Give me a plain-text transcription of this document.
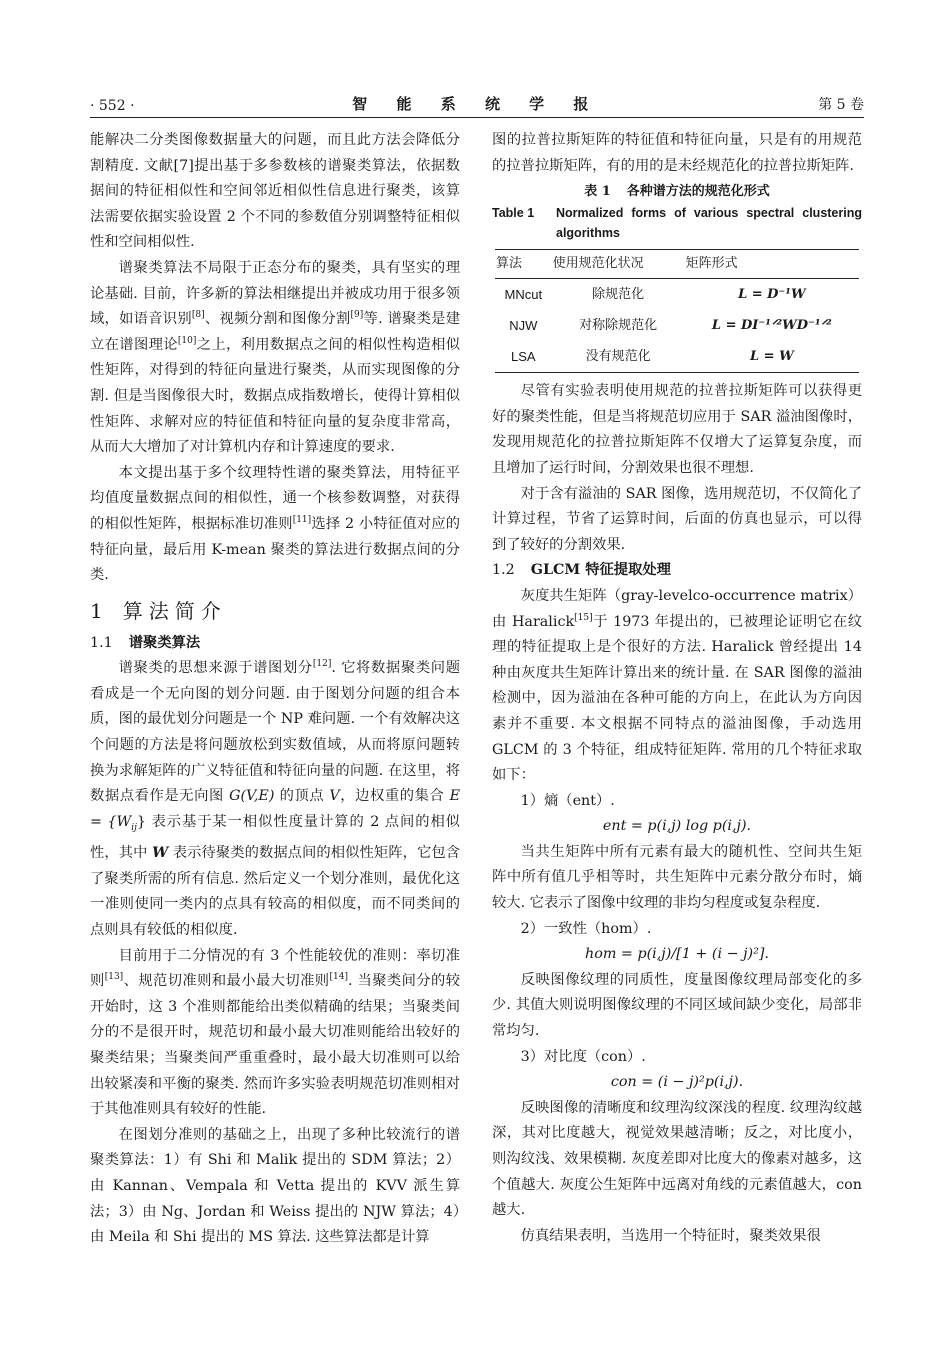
· 552 ·	智 能 系 统 学 报	第 5 卷

能解决二分类图像数据量大的问题，而且此方法会降低分割精度. 文献[7]提出基于多参数核的谱聚类算法，依据数据间的特征相似性和空间邻近相似性信息进行聚类，该算法需要依据实验设置 2 个不同的参数值分别调整特征相似性和空间相似性.

谱聚类算法不局限于正态分布的聚类，具有坚实的理论基础. 目前，许多新的算法相继提出并被成功用于很多领域，如语音识别[8]、视频分割和图像分割[9]等. 谱聚类是建立在谱图理论[10]之上，利用数据点之间的相似性构造相似性矩阵，对得到的特征向量进行聚类，从而实现图像的分割. 但是当图像很大时，数据点成指数增长，使得计算相似性矩阵、求解对应的特征值和特征向量的复杂度非常高，从而大大增加了对计算机内存和计算速度的要求.

本文提出基于多个纹理特性谱的聚类算法，用特征平均值度量数据点间的相似性，通一个核参数调整，对获得的相似性矩阵，根据标准切准则[11]选择 2 小特征值对应的特征向量，最后用 K-mean 聚类的算法进行数据点间的分类.

1 算法简介
1.1 谱聚类算法

谱聚类的思想来源于谱图划分[12]. 它将数据聚类问题看成是一个无向图的划分问题. 由于图划分问题的组合本质，图的最优划分问题是一个 NP 难问题. 一个有效解决这个问题的方法是将问题放松到实数值域，从而将原问题转换为求解矩阵的广义特征值和特征向量的问题. 在这里，将数据点看作是无向图 G(V,E) 的顶点 V，边权重的集合 $E = \{W_{ij}\}$ 表示基于某一相似性度量计算的 2 点间的相似性，其中 W 表示待聚类的数据点间的相似性矩阵，它包含了聚类所需的所有信息. 然后定义一个划分准则，最优化这一准则使同一类内的点具有较高的相似度，而不同类间的点则具有较低的相似度.

目前用于二分情况的有 3 个性能较优的准则：率切准则[13]、规范切准则和最小最大切准则[14]. 当聚类间分的较开始时，这 3 个准则都能给出类似精确的结果；当聚类间分的不是很开时，规范切和最小最大切准则能给出较好的聚类结果；当聚类间严重重叠时，最小最大切准则可以给出较紧凑和平衡的聚类. 然而许多实验表明规范切准则相对于其他准则具有较好的性能.

在图划分准则的基础之上，出现了多种比较流行的谱聚类算法：1）有 Shi 和 Malik 提出的 SDM 算法；2）由 Kannan、Vempala 和 Vetta 提出的 KVV 派生算法；3）由 Ng、Jordan 和 Weiss 提出的 NJW 算法；4）由 Meila 和 Shi 提出的 MS 算法. 这些算法都是计算

图的拉普拉斯矩阵的特征值和特征向量，只是有的用规范的拉普拉斯矩阵，有的用的是未经规范化的拉普拉斯矩阵.

表 1 各种谱方法的规范化形式
Table 1	Normalized forms of various spectral clustering algorithms
算法	使用规范化状况	矩阵形式
MNcut	除规范化	L = D⁻¹W
NJW	对称除规范化	L = DI⁻¹ᐟ²WD⁻¹ᐟ²
LSA	没有规范化	L = W

尽管有实验表明使用规范的拉普拉斯矩阵可以获得更好的聚类性能，但是当将规范切应用于 SAR 溢油图像时，发现用规范化的拉普拉斯矩阵不仅增大了运算复杂度，而且增加了运行时间，分割效果也很不理想.

对于含有溢油的 SAR 图像，选用规范切，不仅简化了计算过程，节省了运算时间，后面的仿真也显示，可以得到了较好的分割效果.

1.2 GLCM 特征提取处理

灰度共生矩阵（gray-levelco-occurrence matrix）由 Haralick[15]于 1973 年提出的，已被理论证明它在纹理的特征提取上是个很好的方法. Haralick 曾经提出 14 种由灰度共生矩阵计算出来的统计量. 在 SAR 图像的溢油检测中，因为溢油在各种可能的方向上，在此认为方向因素并不重要. 本文根据不同特点的溢油图像，手动选用 GLCM 的 3 个特征，组成特征矩阵. 常用的几个特征求取如下：

1）熵（ent）.

ent = p(i,j) log p(i,j).

当共生矩阵中所有元素有最大的随机性、空间共生矩阵中所有值几乎相等时，共生矩阵中元素分散分布时，熵较大. 它表示了图像中纹理的非均匀程度或复杂程度.

2）一致性（hom）.

hom = p(i,j)/[1 + (i − j)²].

反映图像纹理的同质性，度量图像纹理局部变化的多少. 其值大则说明图像纹理的不同区域间缺少变化，局部非常均匀.

3）对比度（con）.

con = (i − j)²p(i,j).

反映图像的清晰度和纹理沟纹深浅的程度. 纹理沟纹越深，其对比度越大，视觉效果越清晰；反之，对比度小，则沟纹浅、效果模糊. 灰度差即对比度大的像素对越多，这个值越大. 灰度公生矩阵中远离对角线的元素值越大，con 越大.

仿真结果表明，当选用一个特征时，聚类效果很
